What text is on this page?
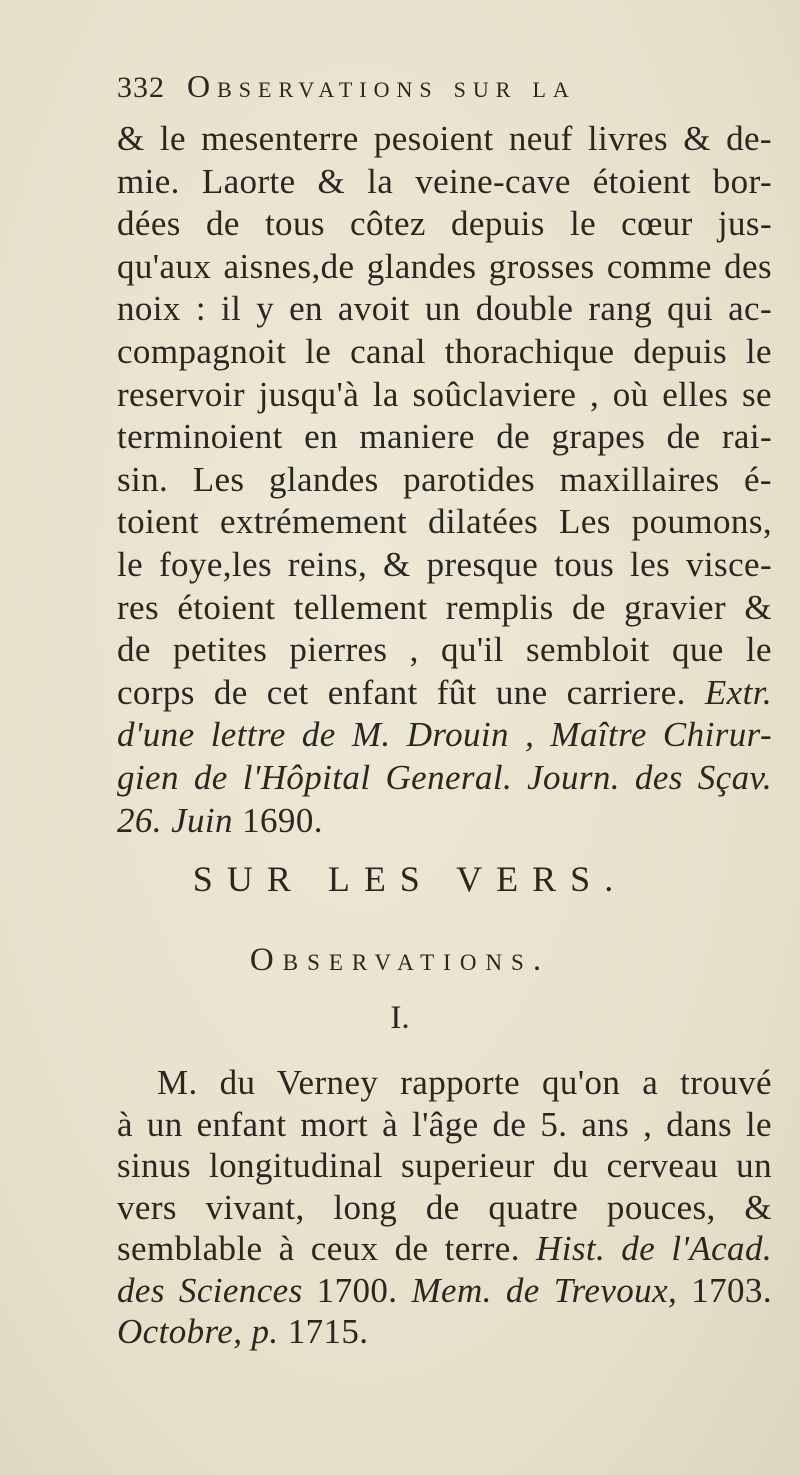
332 Observations sur la
& le mesenterre pesoient neuf livres & de-
mie. Laorte & la veine-cave étoient bor-
dées de tous côtez depuis le cœur jus-
qu'aux aisnes,de glandes grosses comme des
noix : il y en avoit un double rang qui ac-
compagnoit le canal thorachique depuis le
reservoir jusqu'à la soûclaviere , où elles se
terminoient en maniere de grapes de rai-
sin. Les glandes parotides maxillaires é-
toient extrémement dilatées Les poumons,
le foye,les reins, & presque tous les visce-
res étoient tellement remplis de gravier &
de petites pierres , qu'il sembloit que le
corps de cet enfant fût une carriere. Extr.
d'une lettre de M. Drouin , Maître Chirur-
gien de l'Hôpital General. Journ. des Sçav.
26. Juin 1690.
SUR LES VERS.
Observations.
I.
M. du Verney rapporte qu'on a trouvé
à un enfant mort à l'âge de 5. ans , dans le
sinus longitudinal superieur du cerveau un
vers vivant, long de quatre pouces, &
semblable à ceux de terre. Hist. de l'Acad.
des Sciences 1700. Mem. de Trevoux, 1703.
Octobre, p. 1715.
